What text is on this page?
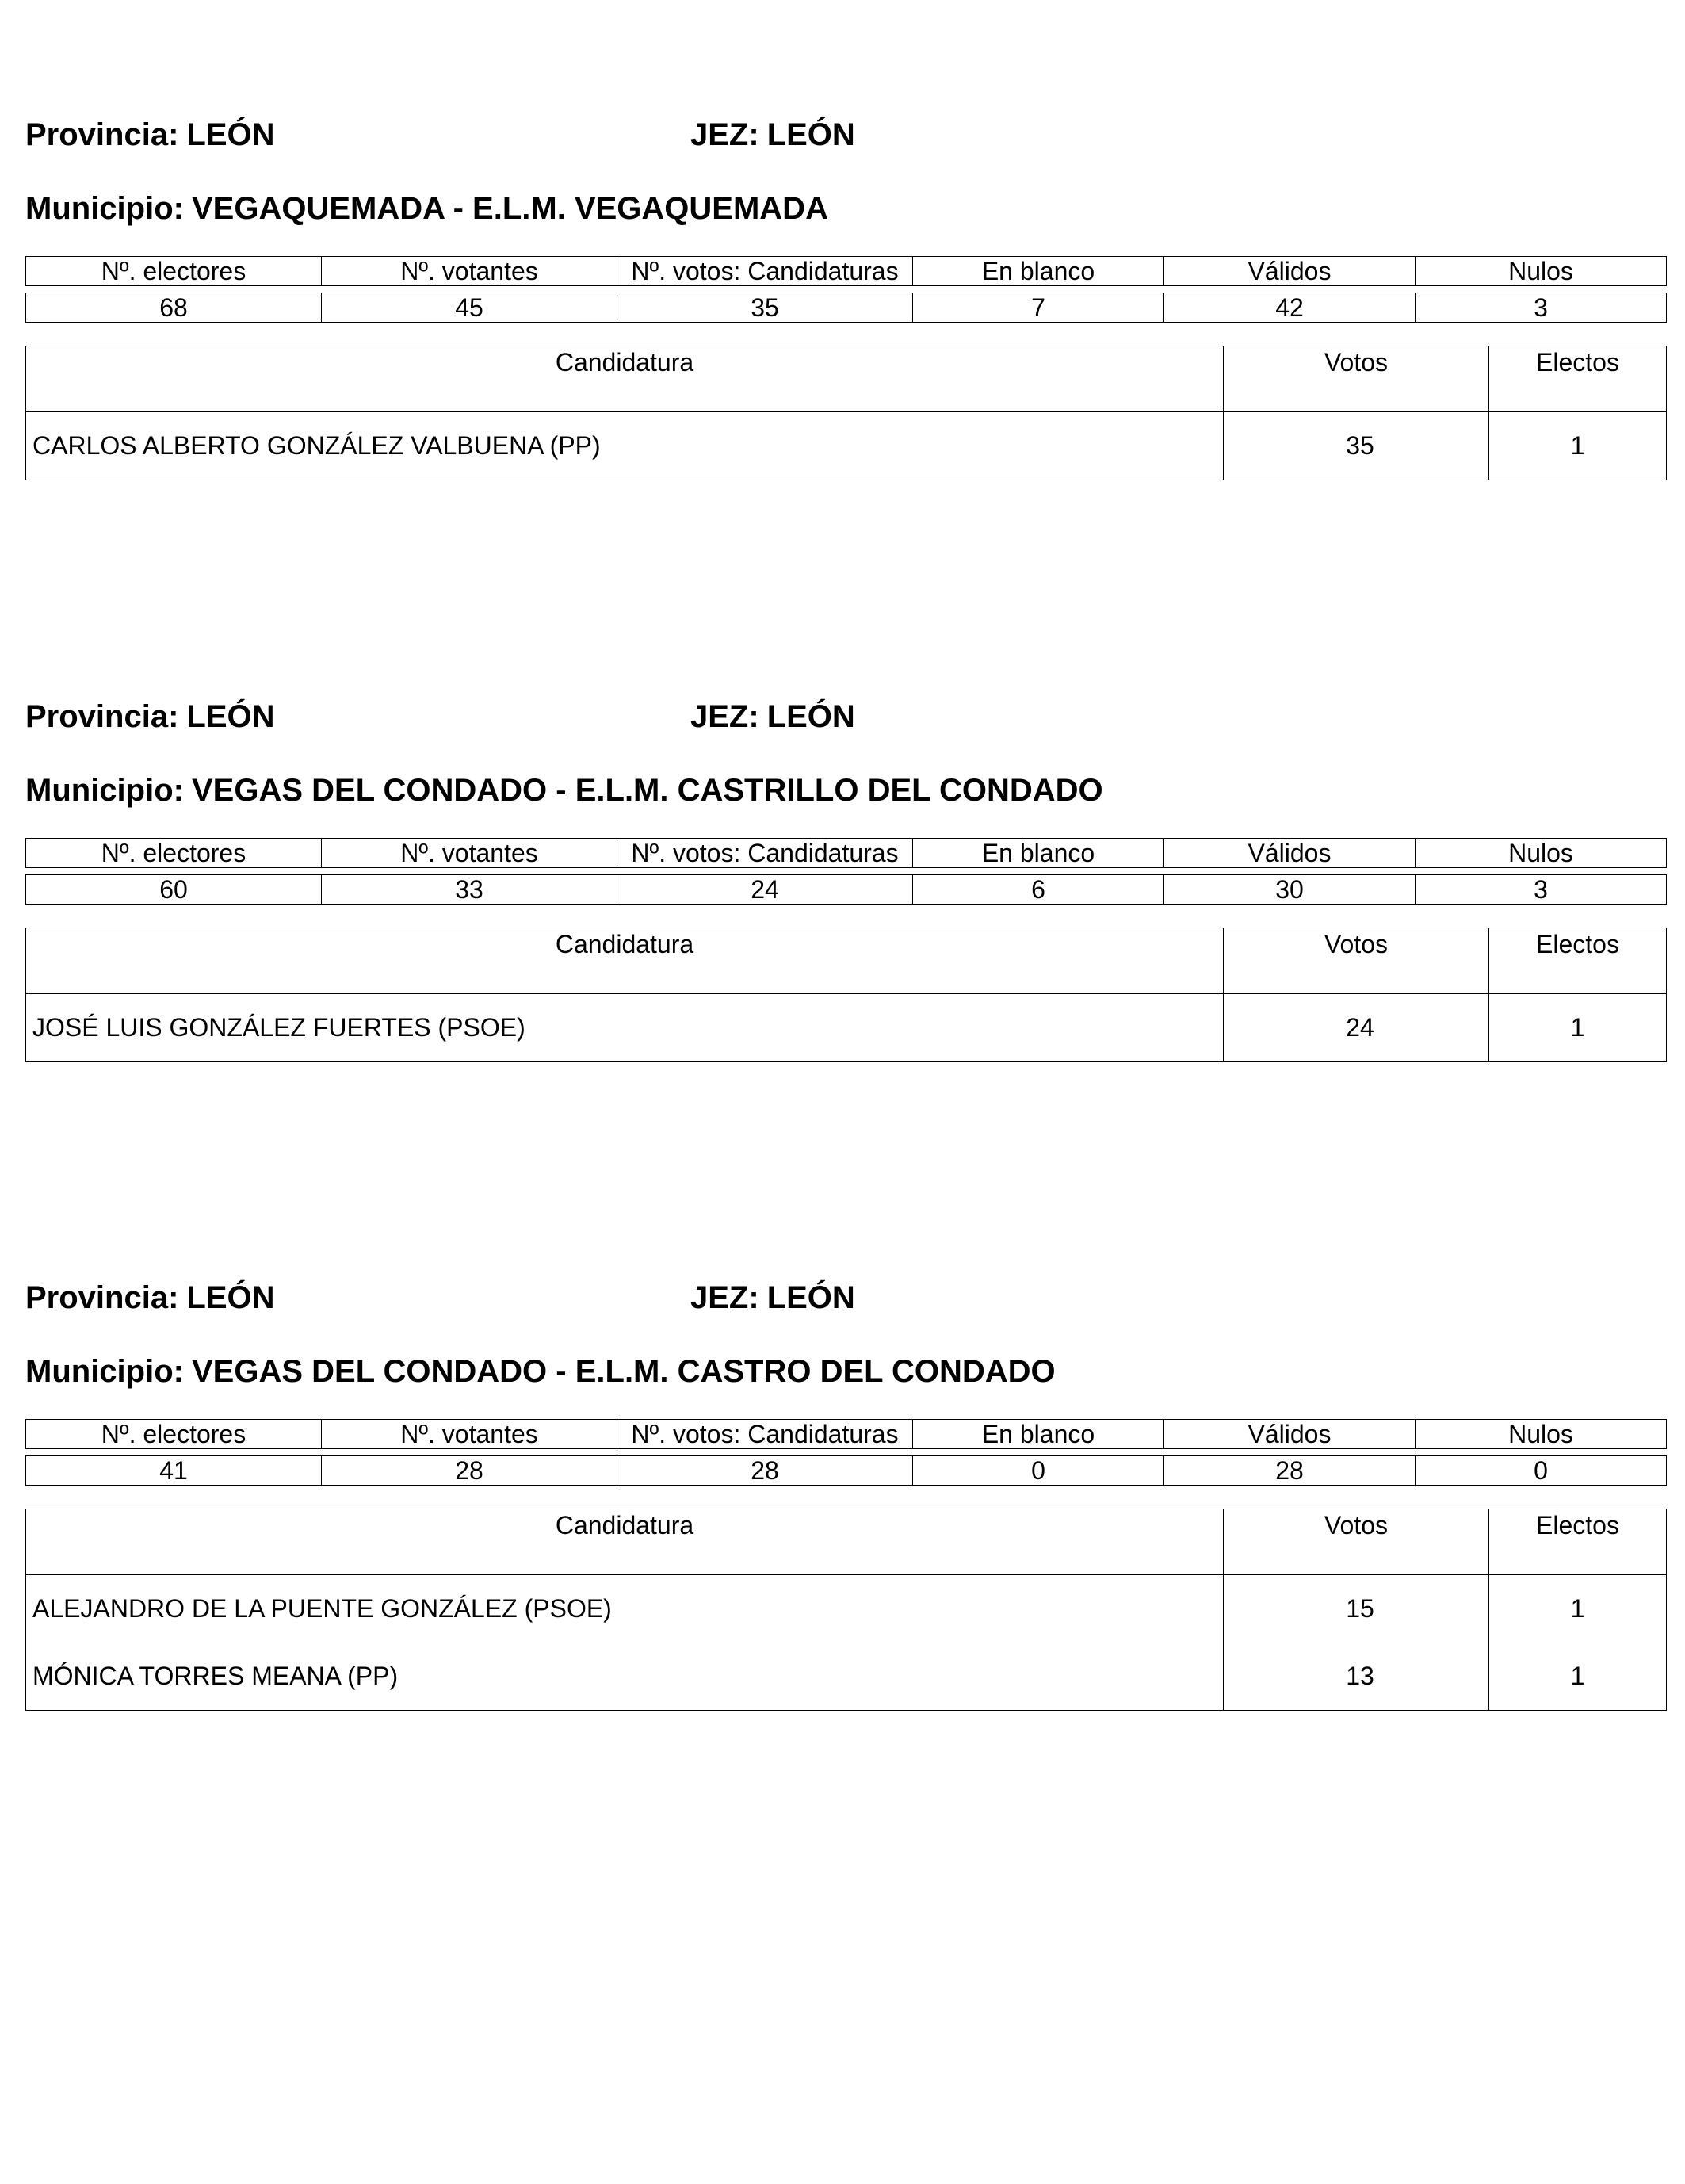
Provincia: LEÓN	JEZ: LEÓN
Municipio: VEGAQUEMADA - E.L.M. VEGAQUEMADA
Nº. electores	Nº. votantes	Nº. votos: Candidaturas	En blanco	Válidos	Nulos

68	45	35	7	42	3
Candidatura	Votos	Electos
CARLOS ALBERTO GONZÁLEZ VALBUENA (PP)	35	1
Provincia: LEÓN	JEZ: LEÓN
Municipio: VEGAS DEL CONDADO - E.L.M. CASTRILLO DEL CONDADO
Nº. electores	Nº. votantes	Nº. votos: Candidaturas	En blanco	Válidos	Nulos

60	33	24	6	30	3
Candidatura	Votos	Electos
JOSÉ LUIS GONZÁLEZ FUERTES (PSOE)	24	1
Provincia: LEÓN	JEZ: LEÓN
Municipio: VEGAS DEL CONDADO - E.L.M. CASTRO DEL CONDADO
Nº. electores	Nº. votantes	Nº. votos: Candidaturas	En blanco	Válidos	Nulos

41	28	28	0	28	0
Candidatura	Votos	Electos
ALEJANDRO DE LA PUENTE GONZÁLEZ (PSOE)	15	1
MÓNICA TORRES MEANA (PP)	13	1
